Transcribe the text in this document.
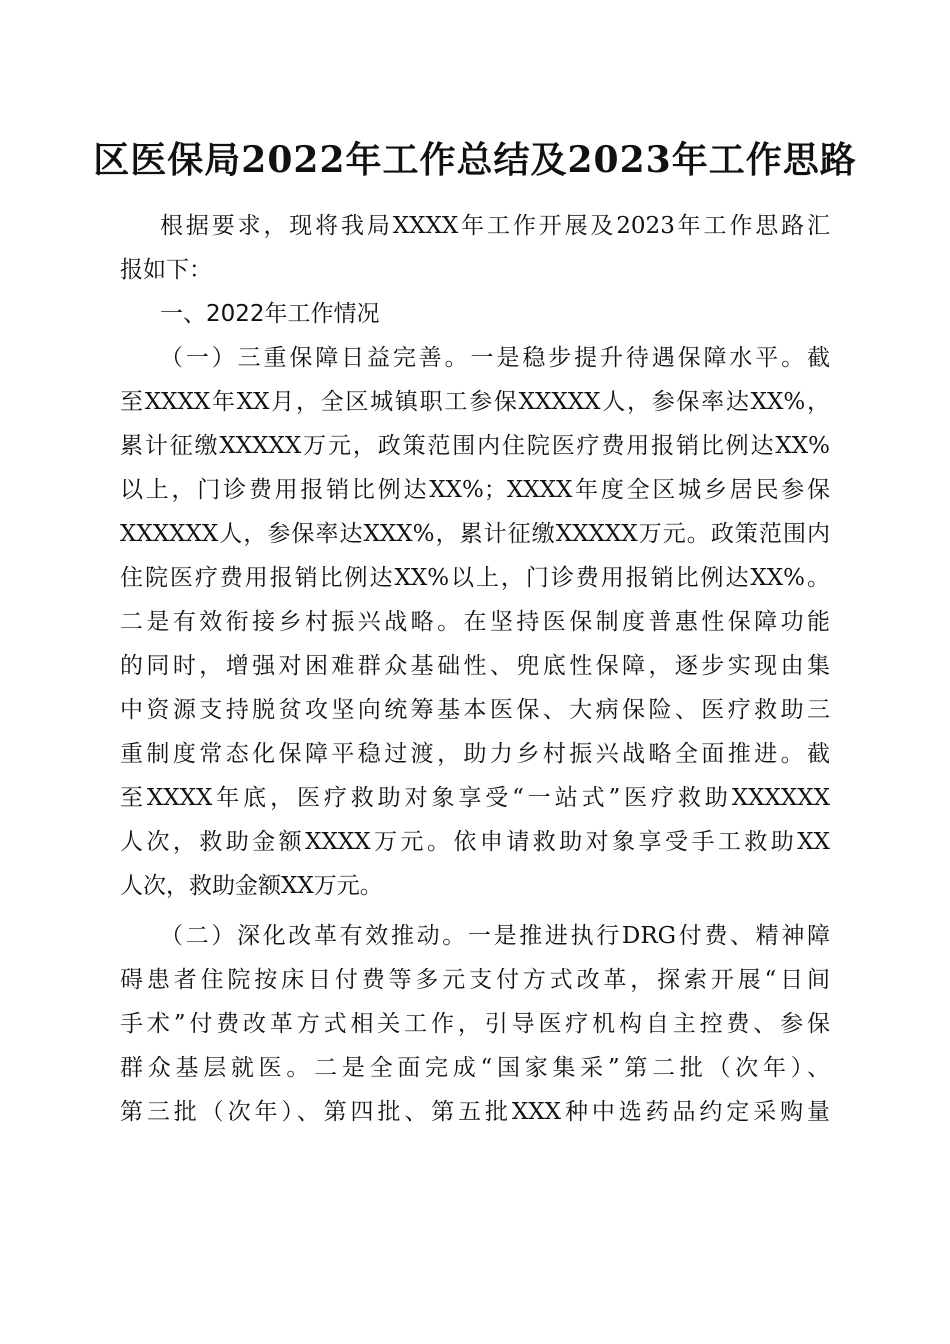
区医保局2022年工作总结及2023年工作思路
根据要求，现将我局XXXX年工作开展及2023年工作思路汇
报如下：
一、2022年工作情况
（一）三重保障日益完善。一是稳步提升待遇保障水平。截
至XXXX年XX月，全区城镇职工参保XXXXX人，参保率达XX%，
累计征缴XXXXX万元，政策范围内住院医疗费用报销比例达XX%
以上，门诊费用报销比例达XX%；XXXX年度全区城乡居民参保
XXXXXX人，参保率达XXX%，累计征缴XXXXX万元。政策范围内
住院医疗费用报销比例达XX%以上，门诊费用报销比例达XX%。
二是有效衔接乡村振兴战略。在坚持医保制度普惠性保障功能
的同时，增强对困难群众基础性、兜底性保障，逐步实现由集
中资源支持脱贫攻坚向统筹基本医保、大病保险、医疗救助三
重制度常态化保障平稳过渡，助力乡村振兴战略全面推进。截
至XXXX年底，医疗救助对象享受“一站式”医疗救助XXXXXX
人次，救助金额XXXX万元。依申请救助对象享受手工救助XX
人次，救助金额XX万元。
（二）深化改革有效推动。一是推进执行DRG付费、精神障
碍患者住院按床日付费等多元支付方式改革，探索开展“日间
手术”付费改革方式相关工作，引导医疗机构自主控费、参保
群众基层就医。二是全面完成“国家集采”第二批（次年）、
第三批（次年）、第四批、第五批XXX种中选药品约定采购量
